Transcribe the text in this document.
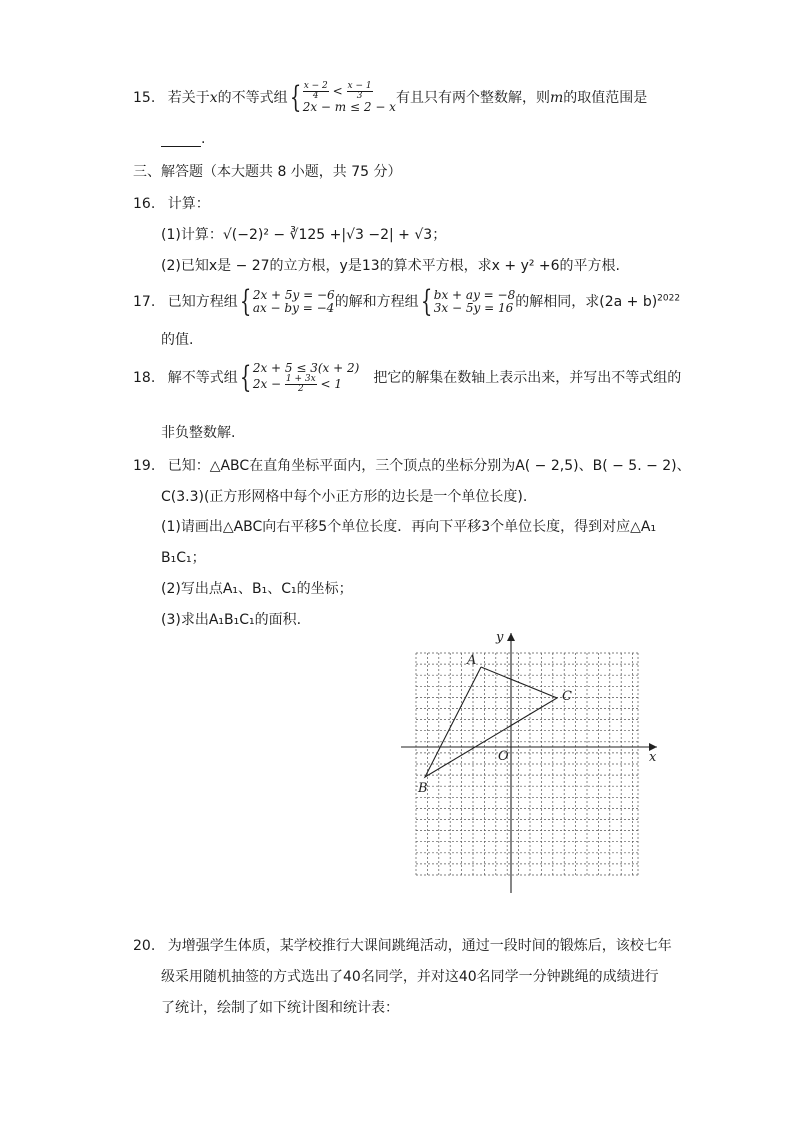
15. 若关于x的不等式组{ $\frac{x - 2}{4} < \frac{x - 1}{3}$
2x − m ≤ 2 − x
有且只有两个整数解，则m的取值范围是
.
三、解答题（本大题共 8 小题，共 75 分）
16. 计算：
(1)计算：√(−2)² − ∛125 +|√3 −2| + √3；
(2)已知x是 − 27的立方根，y是13的算术平方根，求x + y² +6的平方根.
17. 已知方程组{ 2x + 5y = −6
ax − by = −4 的解和方程组{ bx + ay = −8
3x − 5y = 16 的解相同，求$(2a + b)^{2022}$
的值.
18. 解不等式组{ 2x + 5 ≤ 3(x + 2)
$2x - \frac{1 + 3x}{2} < 1$	把它的解集在数轴上表示出来，并写出不等式组的
非负整数解.
19. 已知：△ABC在直角坐标平面内，三个顶点的坐标分别为A( − 2,5)、B( − 5. − 2)、
C(3.3)(正方形网格中每个小正方形的边长是一个单位长度).
(1)请画出△ABC向右平移5个单位长度．再向下平移3个单位长度，得到对应△A₁
B₁C₁；
(2)写出点A₁、B₁、C₁的坐标；
(3)求出A₁B₁C₁的面积.
A
C
B
O	x
y
20. 为增强学生体质，某学校推行大课间跳绳活动，通过一段时间的锻炼后，该校七年
级采用随机抽签的方式选出了40名同学，并对这40名同学一分钟跳绳的成绩进行
了统计，绘制了如下统计图和统计表：
